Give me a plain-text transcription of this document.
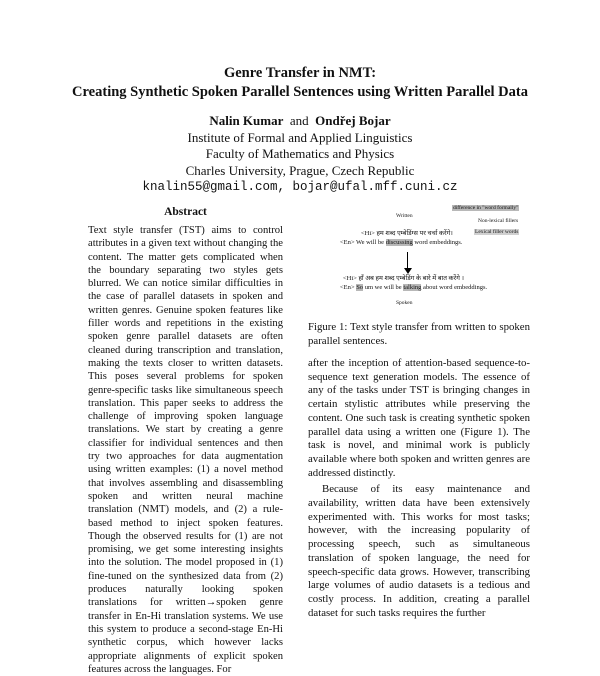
Genre Transfer in NMT:
Creating Synthetic Spoken Parallel Sentences using Written Parallel Data
Nalin Kumar and Ondřej Bojar
Institute of Formal and Applied Linguistics
Faculty of Mathematics and Physics
Charles University, Prague, Czech Republic
knalin55@gmail.com, bojar@ufal.mff.cuni.cz
Abstract
Text style transfer (TST) aims to control attributes in a given text without changing the content. The matter gets complicated when the boundary separating two styles gets blurred. We can notice similar difficulties in the case of parallel datasets in spoken and written genres. Genuine spoken features like filler words and repetitions in the existing spoken genre parallel datasets are often cleaned during transcription and translation, making the texts closer to written datasets. This poses several problems for spoken genre-specific tasks like simultaneous speech translation. This paper seeks to address the challenge of improving spoken language translations. We start by creating a genre classifier for individual sentences and then try two approaches for data augmentation using written examples: (1) a novel method that involves assembling and disassembling spoken and written neural machine translation (NMT) models, and (2) a rule-based method to inject spoken features. Though the observed results for (1) are not promising, we get some interesting insights into the solution. The model proposed in (1) fine-tuned on the synthesized data from (2) produces naturally looking spoken translations for written→spoken genre transfer in En-Hi translation systems. We use this system to produce a second-stage En-Hi synthetic corpus, which however lacks appropriate alignments of explicit spoken features across the languages. For
difference in "word formally"
Non-lexical fillers
Lexical filler words
Written
<Hi> हम शब्द एम्बेडिंग्स पर चर्चा करेंगे।
<En> We will be discussing word embeddings.
<Hi> हाँ अब हम शब्द एम्बेडिंग के बारे में बात करेंगे ।
<En> So um we will be talking about word embeddings.
Spoken
Figure 1: Text style transfer from written to spoken parallel sentences.

after the inception of attention-based sequence-to-sequence text generation models. The essence of any of the tasks under TST is bringing changes in certain stylistic attributes while preserving the content. One such task is creating synthetic spoken parallel data using a written one (Figure 1). The task is novel, and minimal work is publicly available where both spoken and written genres are addressed distinctly.

Because of its easy maintenance and availability, written data have been extensively experimented with. This works for most tasks; however, with the increasing popularity of processing speech, such as simultaneous translation of spoken language, the need for speech-specific data grows. However, transcribing large volumes of audio datasets is a tedious and costly process. In addition, creating a parallel dataset for such tasks requires the further
